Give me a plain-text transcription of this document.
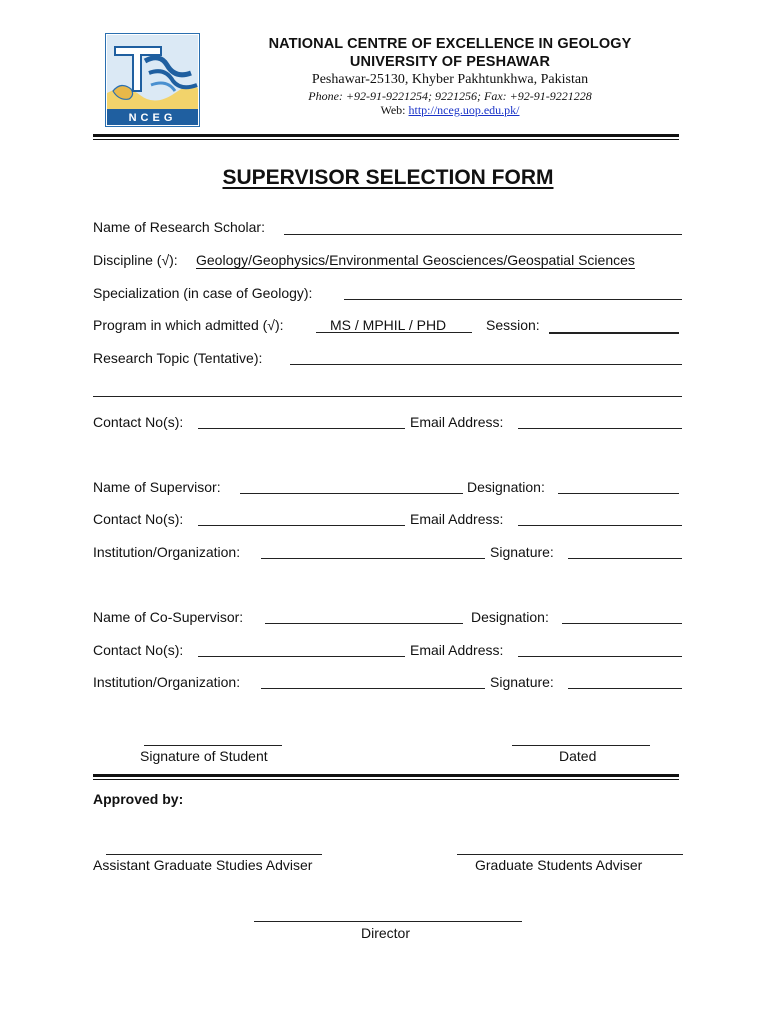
NCEG
NATIONAL CENTRE OF EXCELLENCE IN GEOLOGY
UNIVERSITY OF PESHAWAR
Peshawar-25130, Khyber Pakhtunkhwa, Pakistan
Phone: +92-91-9221254; 9221256; Fax: +92-91-9221228
Web: http://nceg.uop.edu.pk/
SUPERVISOR SELECTION FORM
Name of Research Scholar:
Discipline (√): Geology/Geophysics/Environmental Geosciences/Geospatial Sciences
Specialization (in case of Geology):
Program in which admitted (√):	MS / MPHIL / PHD	Session:
Research Topic (Tentative):
Contact No(s):	Email Address:
Name of Supervisor:	Designation:
Contact No(s):	Email Address:
Institution/Organization:	Signature:
Name of Co-Supervisor:	Designation:
Contact No(s):	Email Address:
Institution/Organization:	Signature:
Signature of Student	Dated
Approved by:
Assistant Graduate Studies Adviser	Graduate Students Adviser
Director
